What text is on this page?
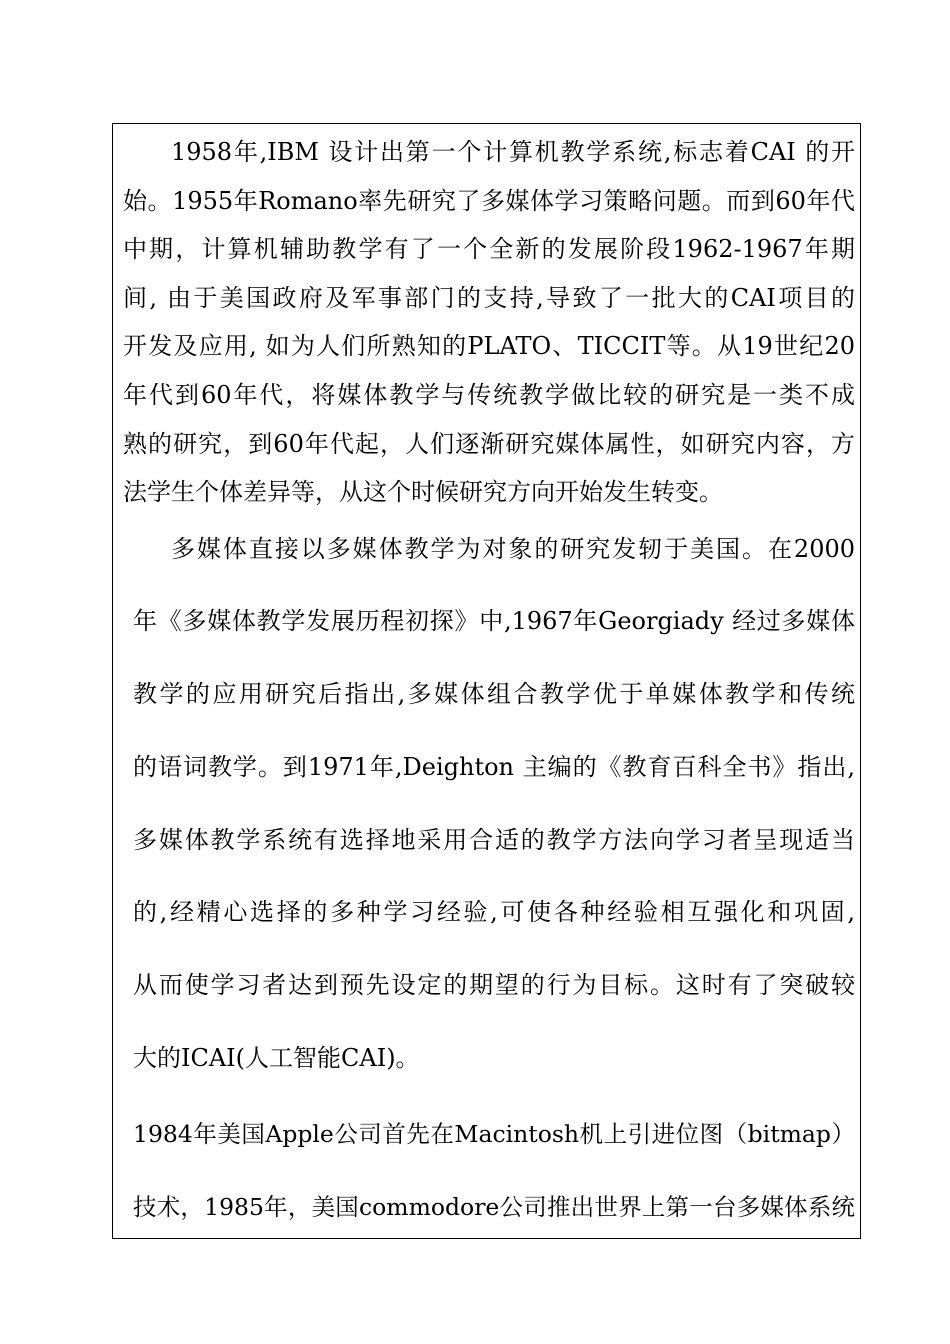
1958年,IBM 设计出第一个计算机教学系统,标志着CAI 的开
始。1955年Romano率先研究了多媒体学习策略问题。而到60年代
中期，计算机辅助教学有了一个全新的发展阶段1962-1967年期
间, 由于美国政府及军事部门的支持,导致了一批大的CAI项目的
开发及应用, 如为人们所熟知的PLATO、TICCIT等。从19世纪20
年代到60年代，将媒体教学与传统教学做比较的研究是一类不成
熟的研究，到60年代起，人们逐渐研究媒体属性，如研究内容，方
法学生个体差异等，从这个时候研究方向开始发生转变。
多媒体直接以多媒体教学为对象的研究发轫于美国。在2000
年《多媒体教学发展历程初探》中,1967年Georgiady 经过多媒体
教学的应用研究后指出,多媒体组合教学优于单媒体教学和传统
的语词教学。到1971年,Deighton 主编的《教育百科全书》指出,
多媒体教学系统有选择地采用合适的教学方法向学习者呈现适当
的,经精心选择的多种学习经验,可使各种经验相互强化和巩固,
从而使学习者达到预先设定的期望的行为目标。这时有了突破较
大的ICAI(人工智能CAI)。
1984年美国Apple公司首先在Macintosh机上引进位图（bitmap）
技术，1985年，美国commodore公司推出世界上第一台多媒体系统
